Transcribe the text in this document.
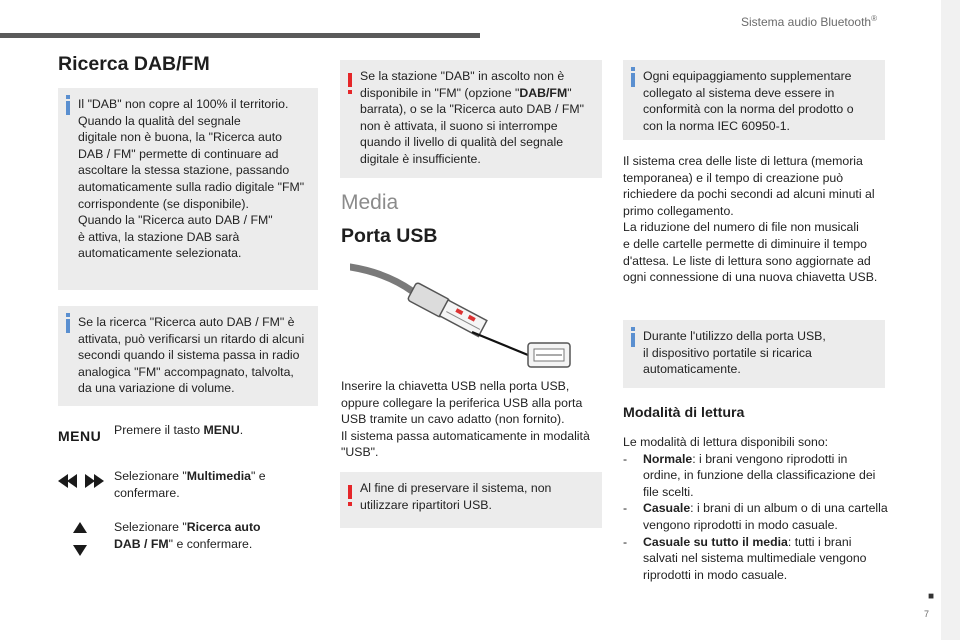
Sistema audio Bluetooth®
■
7
Ricerca DAB/FM
Il "DAB" non copre al 100% il territorio.
Quando la qualità del segnale
digitale non è buona, la "Ricerca auto
DAB / FM" permette di continuare ad
ascoltare la stessa stazione, passando
automaticamente sulla radio digitale "FM"
corrispondente (se disponibile).
Quando la "Ricerca auto DAB / FM"
è attiva, la stazione DAB sarà
automaticamente selezionata.
Se la ricerca "Ricerca auto DAB / FM" è
attivata, può verificarsi un ritardo di alcuni
secondi quando il sistema passa in radio
analogica "FM" accompagnato, talvolta,
da una variazione di volume.
MENU Premere il tasto MENU.
Selezionare "Multimedia" e
confermare.
Selezionare "Ricerca auto
DAB / FM" e confermare.
Se la stazione "DAB" in ascolto non è
disponibile in "FM" (opzione "DAB/FM"
barrata), o se la "Ricerca auto DAB / FM"
non è attivata, il suono si interrompe
quando il livello di qualità del segnale
digitale è insufficiente.
Media
Porta USB
Inserire la chiavetta USB nella porta USB,
oppure collegare la periferica USB alla porta
USB tramite un cavo adatto (non fornito).
Il sistema passa automaticamente in modalità
"USB".
Al fine di preservare il sistema, non
utilizzare ripartitori USB.
Ogni equipaggiamento supplementare
collegato al sistema deve essere in
conformità con la norma del prodotto o
con la norma IEC 60950-1.
Il sistema crea delle liste di lettura (memoria
temporanea) e il tempo di creazione può
richiedere da pochi secondi ad alcuni minuti al
primo collegamento.
La riduzione del numero di file non musicali
e delle cartelle permette di diminuire il tempo
d'attesa. Le liste di lettura sono aggiornate ad
ogni connessione di una nuova chiavetta USB.
Durante l'utilizzo della porta USB,
il dispositivo portatile si ricarica
automaticamente.
Modalità di lettura
Le modalità di lettura disponibili sono:
- Normale: i brani vengono riprodotti in ordine, in funzione della classificazione dei file scelti.
- Casuale: i brani di un album o di una cartella vengono riprodotti in modo casuale.
- Casuale su tutto il media: tutti i brani salvati nel sistema multimediale vengono riprodotti in modo casuale.
